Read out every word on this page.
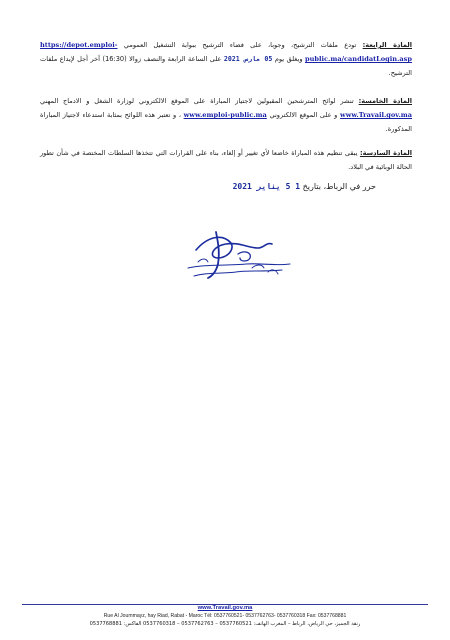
المادة الرابعة: تودع ملفات الترشيح، وجوبا، على فضاء الترشيح ببوابة التشغيل العمومي https://depot.emploi-public.ma/candidatLogin.asp ويغلق يوم 05 مارس 2021 على الساعة الرابعة والنصف زوالا (16:30) آخر أجل لإيداع ملفات الترشيح.
المادة الخامسة: تنشر لوائح المترشحين المقبولين لاجتياز المباراة على الموقع الالكتروني لوزارة الشغل و الادماج المهني www.Travail.gov.ma و على الموقع الالكتروني www.emploi-public.ma ، و تعتبر هذه اللوائح بمثابة استدعاء لاجتياز المباراة المذكورة.
المادة السادسة: يبقى تنظيم هذه المباراة خاضعا لأي تغيير أو إلغاء، بناء على القرارات التي تتخذها السلطات المختصة في شأن تطور الحالة الوبائية في البلاد.
حرر في الرباط، بتاريخ 1 5 يناير 2021
www.Travail.gov.ma
Rue Al Joummayz, hay Riad, Rabat - Maroc Tél: 0537760521- 0537762763- 0537760318 Fax: 0537768881
زنقة الجميز، حي الرياض، الرباط – المغرب الهاتف: 0537760521 – 0537762763 – 0537760318 الفاكس: 0537768881
